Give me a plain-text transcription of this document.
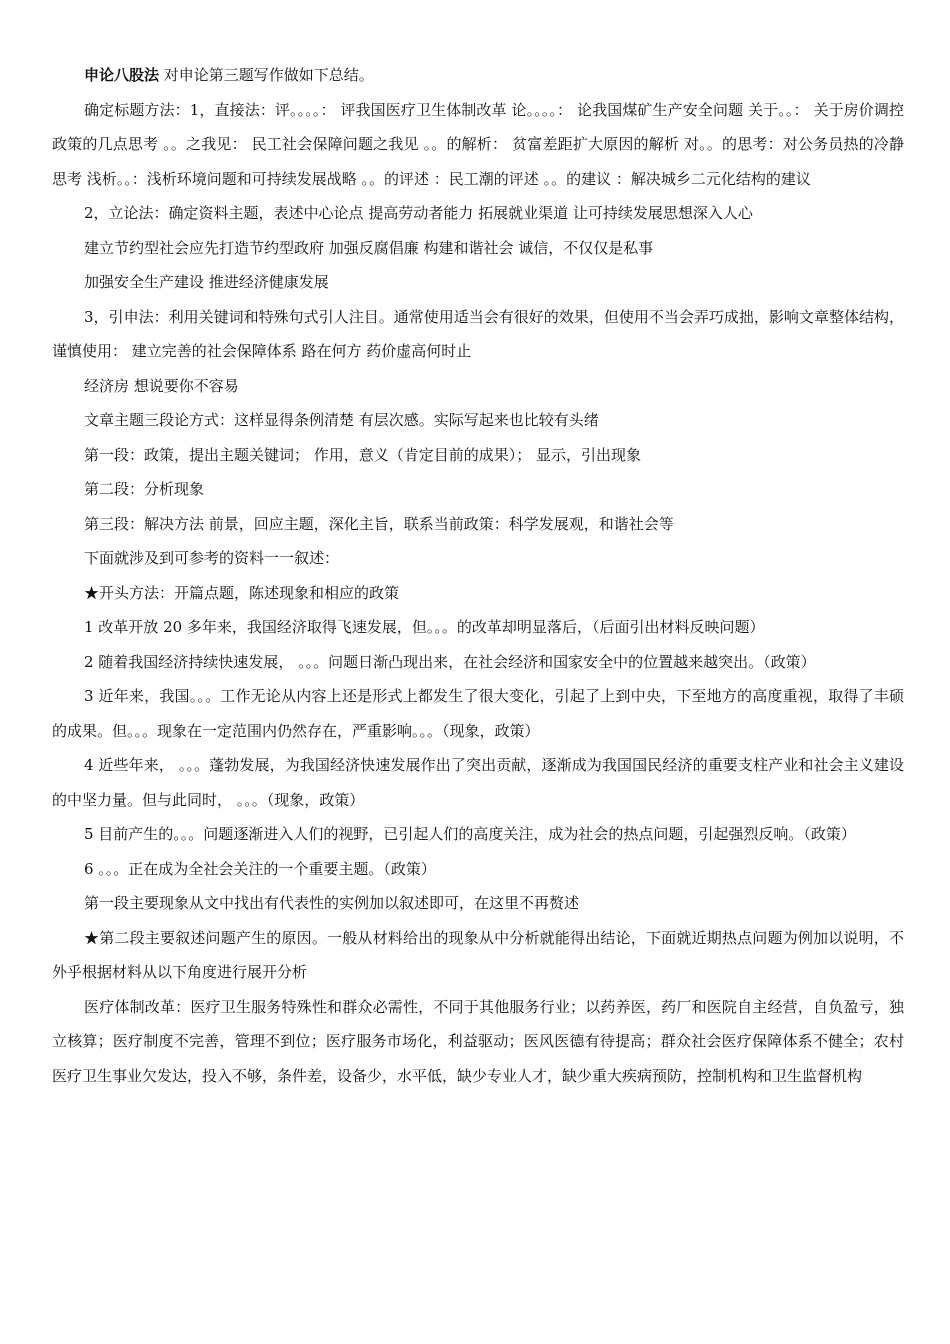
申论八股法 对申论第三题写作做如下总结。

确定标题方法：1，直接法：评。。。。： 评我国医疗卫生体制改革 论。。。。： 论我国煤矿生产安全问题 关于。。： 关于房价调控政策的几点思考 。。之我见： 民工社会保障问题之我见 。。的解析： 贫富差距扩大原因的解析 对。。的思考：对公务员热的冷静思考 浅析。。：浅析环境问题和可持续发展战略 。。的评述 ：民工潮的评述 。。的建议 ：解决城乡二元化结构的建议

2，立论法：确定资料主题，表述中心论点 提高劳动者能力 拓展就业渠道 让可持续发展思想深入人心

建立节约型社会应先打造节约型政府 加强反腐倡廉 构建和谐社会 诚信，不仅仅是私事

加强安全生产建设 推进经济健康发展

3，引申法：利用关键词和特殊句式引人注目。通常使用适当会有很好的效果，但使用不当会弄巧成拙，影响文章整体结构，谨慎使用： 建立完善的社会保障体系 路在何方 药价虚高何时止

经济房 想说要你不容易

文章主题三段论方式：这样显得条例清楚 有层次感。实际写起来也比较有头绪

第一段：政策，提出主题关键词； 作用，意义（肯定目前的成果）； 显示，引出现象

第二段：分析现象

第三段：解决方法 前景，回应主题，深化主旨，联系当前政策：科学发展观，和谐社会等

下面就涉及到可参考的资料一一叙述：

★开头方法：开篇点题，陈述现象和相应的政策

1 改革开放 20 多年来，我国经济取得飞速发展，但。。。的改革却明显落后，（后面引出材料反映问题）

2 随着我国经济持续快速发展， 。。。问题日渐凸现出来，在社会经济和国家安全中的位置越来越突出。（政策）

3 近年来，我国。。。工作无论从内容上还是形式上都发生了很大变化，引起了上到中央，下至地方的高度重视，取得了丰硕的成果。但。。。现象在一定范围内仍然存在，严重影响。。。（现象，政策）

4 近些年来， 。。。蓬勃发展，为我国经济快速发展作出了突出贡献，逐渐成为我国国民经济的重要支柱产业和社会主义建设的中坚力量。但与此同时， 。。。（现象，政策）

5 目前产生的。。。问题逐渐进入人们的视野，已引起人们的高度关注，成为社会的热点问题，引起强烈反响。（政策）

6 。。。正在成为全社会关注的一个重要主题。（政策）

第一段主要现象从文中找出有代表性的实例加以叙述即可，在这里不再赘述

★第二段主要叙述问题产生的原因。一般从材料给出的现象从中分析就能得出结论，下面就近期热点问题为例加以说明，不外乎根据材料从以下角度进行展开分析

医疗体制改革：医疗卫生服务特殊性和群众必需性，不同于其他服务行业；以药养医，药厂和医院自主经营，自负盈亏，独立核算；医疗制度不完善，管理不到位；医疗服务市场化，利益驱动；医风医德有待提高；群众社会医疗保障体系不健全；农村医疗卫生事业欠发达，投入不够，条件差，设备少，水平低，缺少专业人才，缺少重大疾病预防，控制机构和卫生监督机构
